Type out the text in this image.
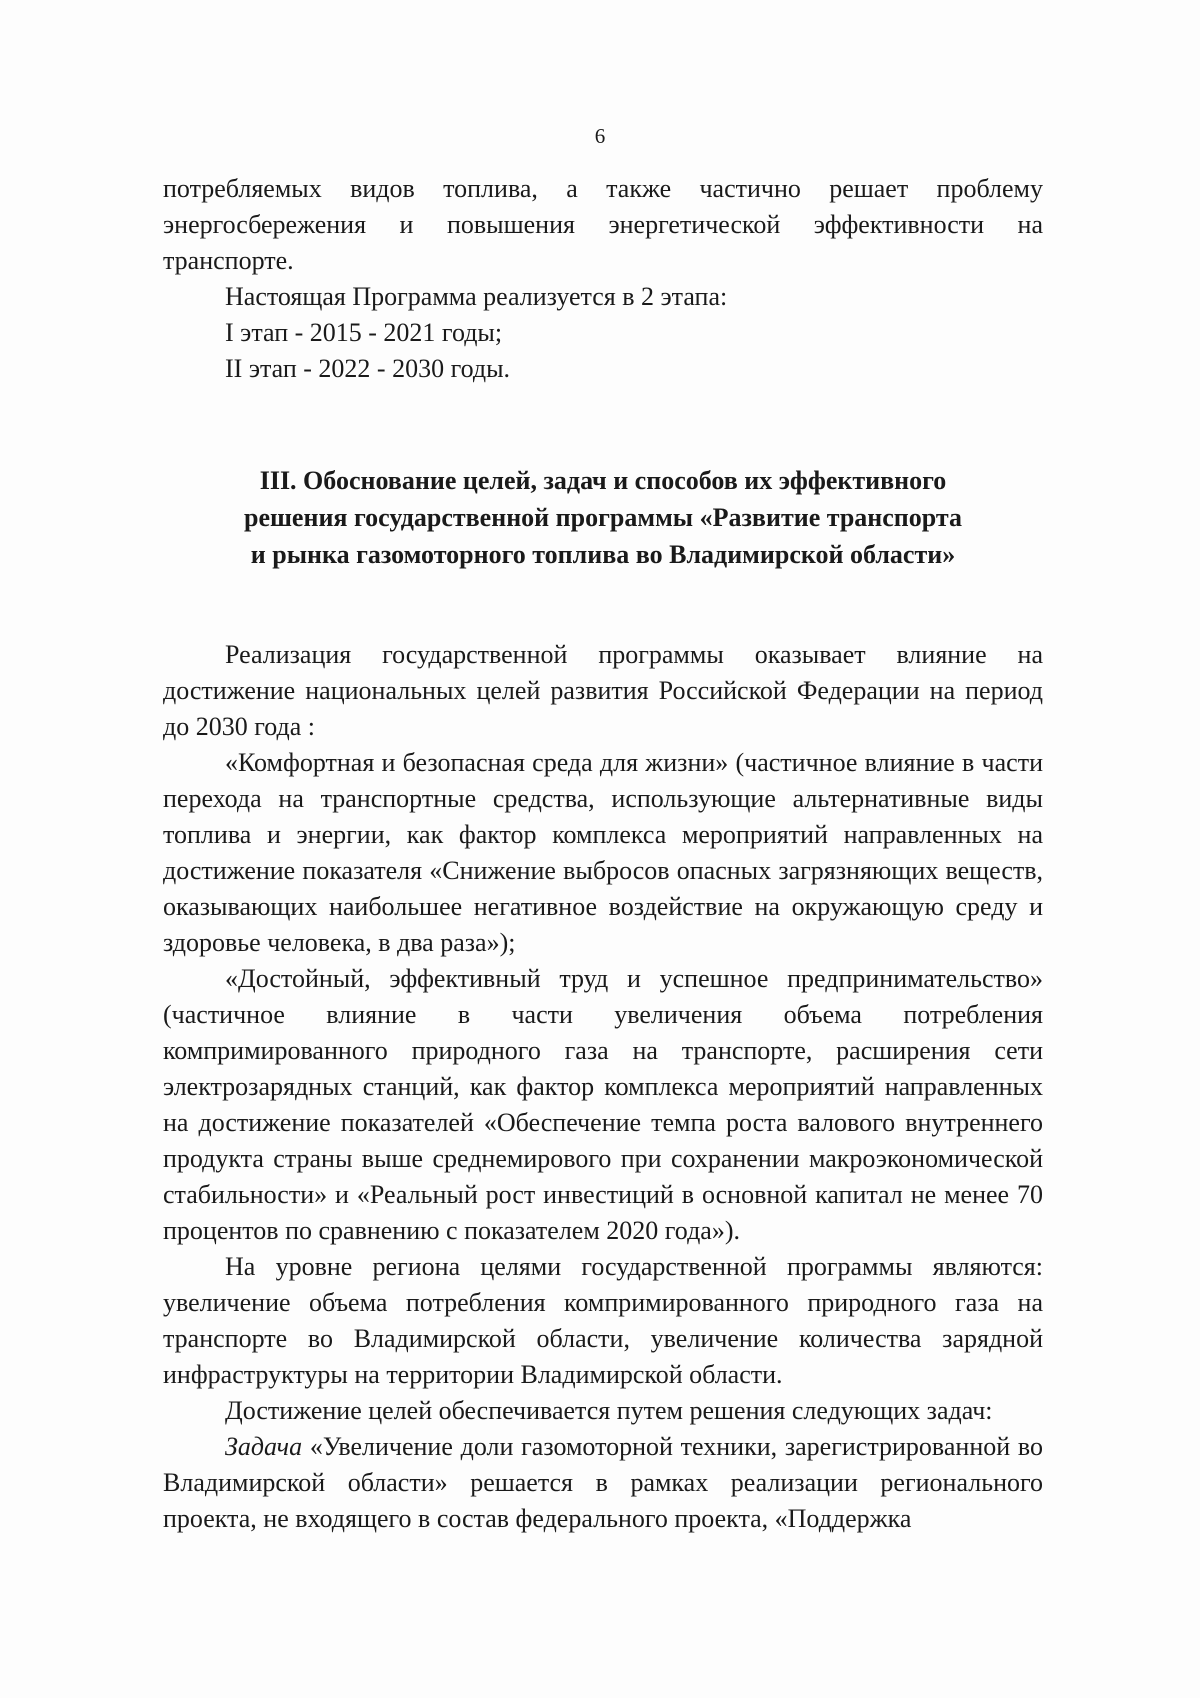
6

потребляемых видов топлива, а также частично решает проблему энергосбережения и повышения энергетической эффективности на транспорте.

Настоящая Программа реализуется в 2 этапа:

I этап - 2015 - 2021 годы;

II этап - 2022 - 2030 годы.

III. Обоснование целей, задач и способов их эффективного
решения государственной программы «Развитие транспорта
и рынка газомоторного топлива во Владимирской области»

Реализация государственной программы оказывает влияние на достижение национальных целей развития Российской Федерации на период до 2030 года :

«Комфортная и безопасная среда для жизни» (частичное влияние в части перехода на транспортные средства, использующие альтернативные виды топлива и энергии, как фактор комплекса мероприятий направленных на достижение показателя «Снижение выбросов опасных загрязняющих веществ, оказывающих наибольшее негативное воздействие на окружающую среду и здоровье человека, в два раза»);

«Достойный, эффективный труд и успешное предпринимательство» (частичное влияние в части увеличения объема потребления компримированного природного газа на транспорте, расширения сети электрозарядных станций, как фактор комплекса мероприятий направленных на достижение показателей «Обеспечение темпа роста валового внутреннего продукта страны выше среднемирового при сохранении макроэкономической стабильности» и «Реальный рост инвестиций в основной капитал не менее 70 процентов по сравнению с показателем 2020 года»).

На уровне региона целями государственной программы являются: увеличение объема потребления компримированного природного газа на транспорте во Владимирской области, увеличение количества зарядной инфраструктуры на территории Владимирской области.

Достижение целей обеспечивается путем решения следующих задач:

Задача «Увеличение доли газомоторной техники, зарегистрированной во Владимирской области» решается в рамках реализации регионального проекта, не входящего в состав федерального проекта, «Поддержка
